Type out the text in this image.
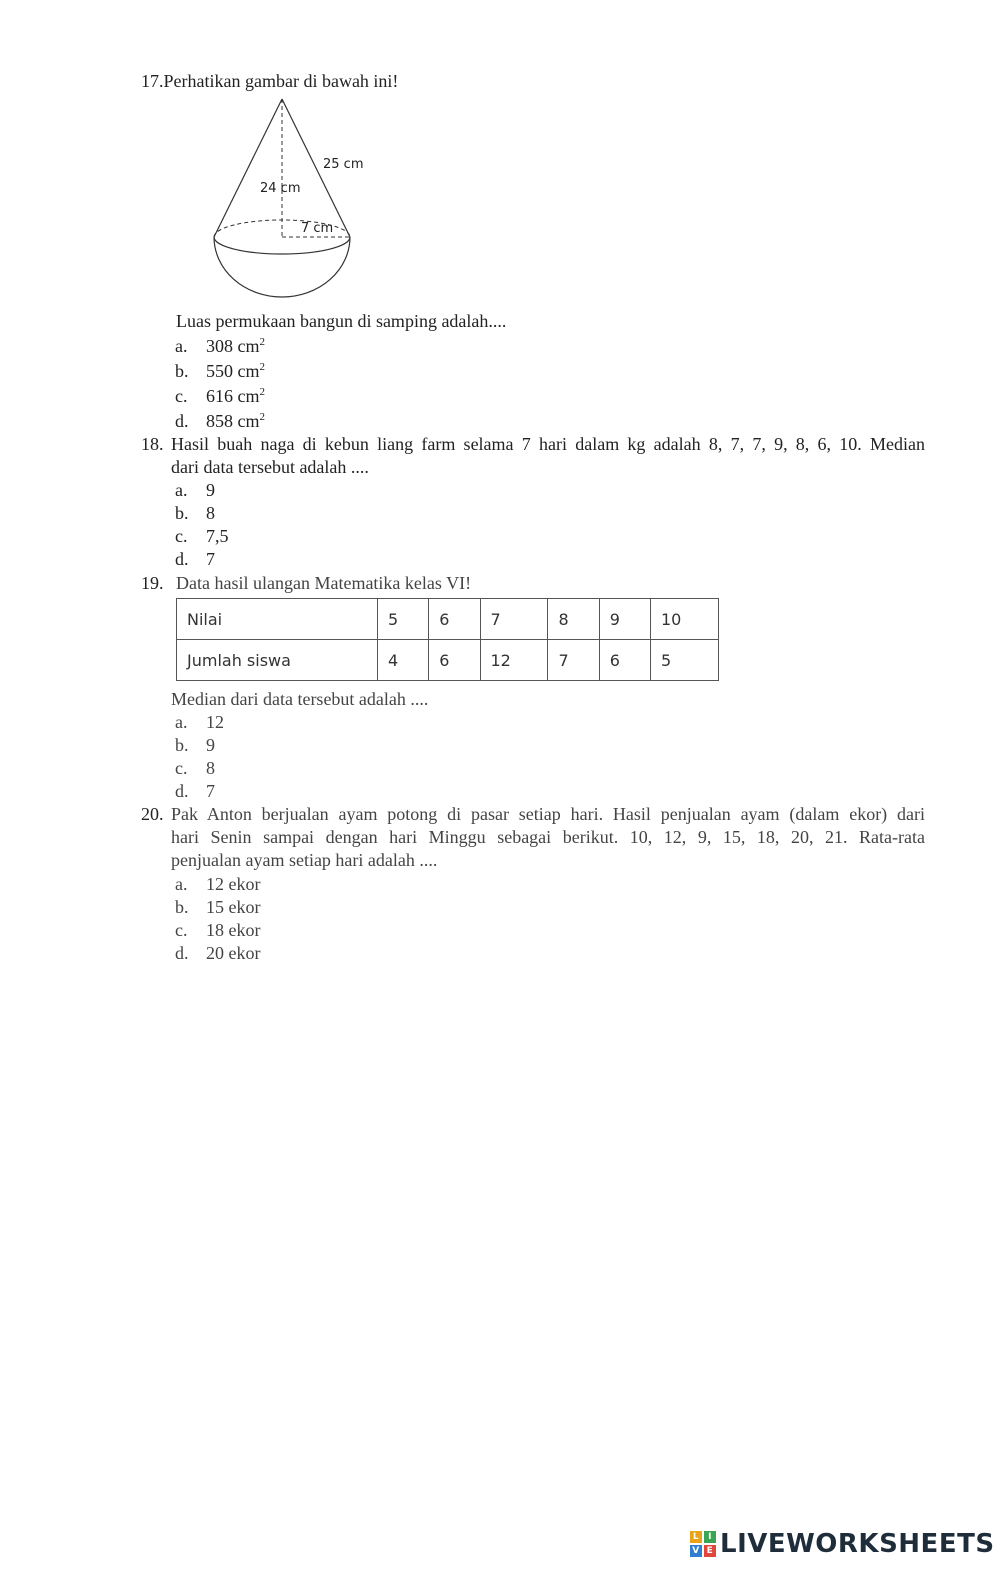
17.Perhatikan gambar di bawah ini!
25 cm
24 cm
7 cm
Luas permukaan bangun di samping adalah....
a. 308 $cm^2$
b. 550 $cm^2$
c. 616 $cm^2$
d. 858 $cm^2$
18. Hasil buah naga di kebun liang farm selama 7 hari dalam kg adalah 8, 7, 7, 9, 8, 6, 10. Median
dari data tersebut adalah ....
a. 9
b. 8
c. 7,5
d. 7
19. Data hasil ulangan Matematika kelas VI!
Nilai	5	6	7	8	9	10
Jumlah siswa	4	6	12	7	6	5
Median dari data tersebut adalah ....
a. 12
b. 9
c. 8
d. 7
20. Pak Anton berjualan ayam potong di pasar setiap hari. Hasil penjualan ayam (dalam ekor) dari
hari Senin sampai dengan hari Minggu sebagai berikut. 10, 12, 9, 15, 18, 20, 21. Rata-rata
penjualan ayam setiap hari adalah ....
a. 12 ekor
b. 15 ekor
c. 18 ekor
d. 20 ekor
L I
V E LIVEWORKSHEETS
